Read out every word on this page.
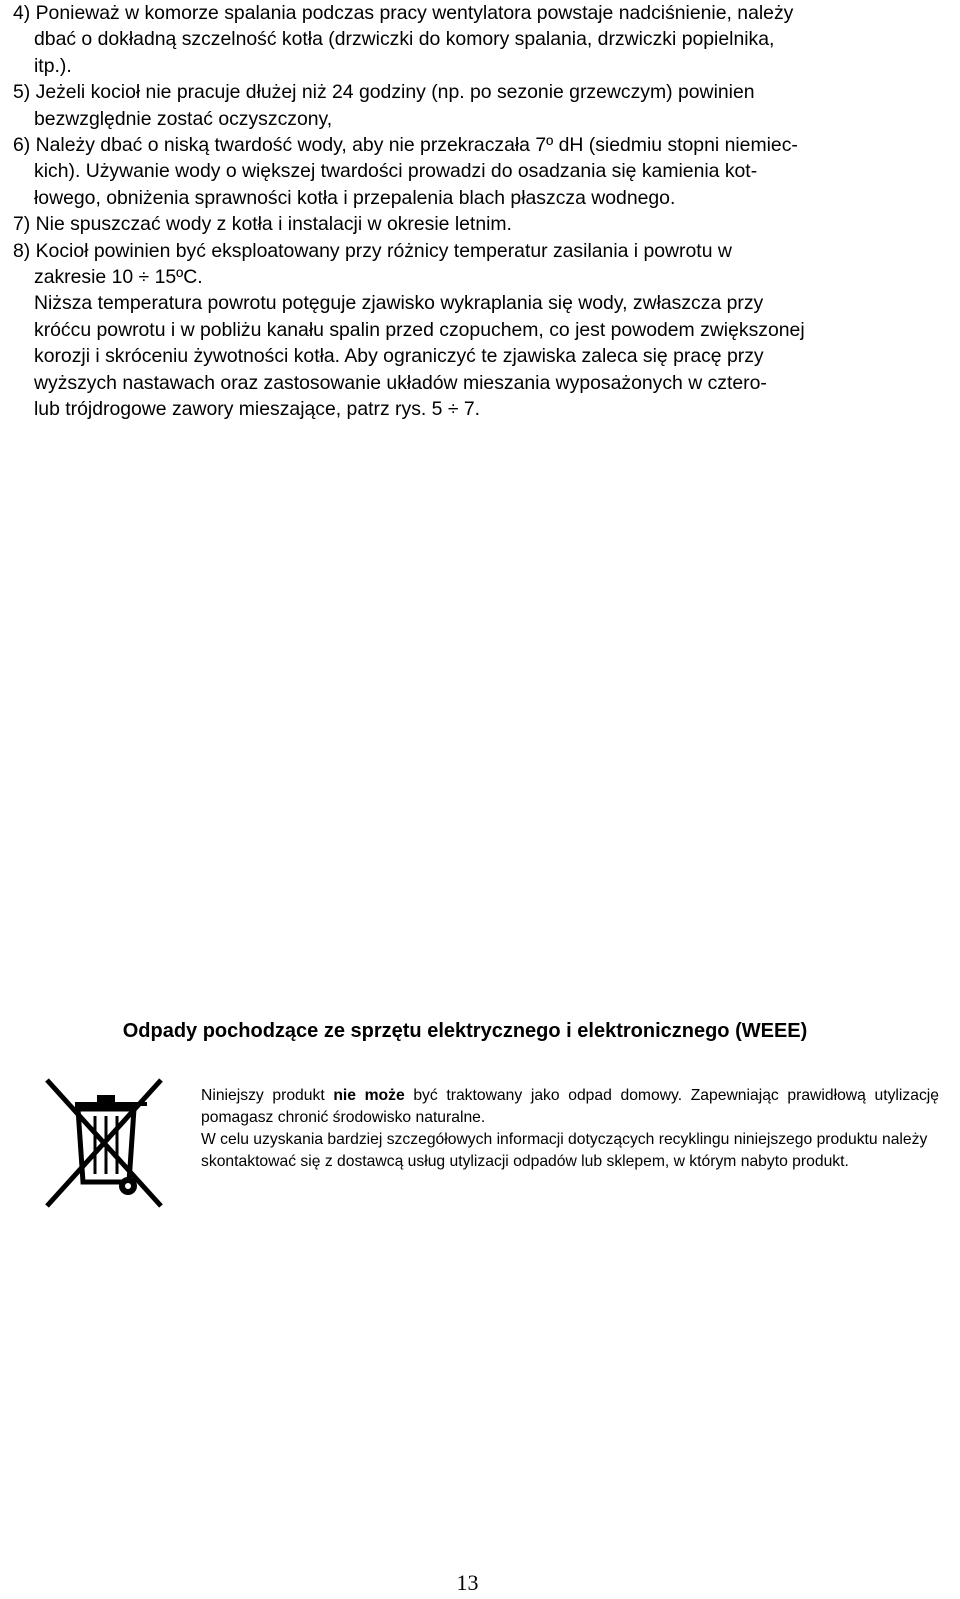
4) Ponieważ w komorze spalania podczas pracy wentylatora powstaje nadciśnienie, należy
dbać o dokładną szczelność kotła (drzwiczki do komory spalania, drzwiczki popielnika,
itp.).
5) Jeżeli kocioł nie pracuje dłużej niż 24 godziny (np. po sezonie grzewczym) powinien
bezwzględnie zostać oczyszczony,
6) Należy dbać o niską twardość wody, aby nie przekraczała 7º dH (siedmiu stopni niemiec-
kich). Używanie wody o większej twardości prowadzi do osadzania się kamienia kot-
łowego, obniżenia sprawności kotła i przepalenia blach płaszcza wodnego.
7) Nie spuszczać wody z kotła i instalacji w okresie letnim.
8) Kocioł powinien być eksploatowany przy różnicy temperatur zasilania i powrotu w
zakresie 10 ÷ 15ºC.
Niższa temperatura powrotu potęguje zjawisko wykraplania się wody, zwłaszcza przy
króćcu powrotu i w pobliżu kanału spalin przed czopuchem, co jest powodem zwiększonej
korozji i skróceniu żywotności kotła. Aby ograniczyć te zjawiska zaleca się pracę przy
wyższych nastawach oraz zastosowanie układów mieszania wyposażonych w cztero-
lub trójdrogowe zawory mieszające, patrz rys. 5 ÷ 7.
Odpady pochodzące ze sprzętu elektrycznego i elektronicznego (WEEE)

Niniejszy produkt nie może być traktowany jako odpad domowy. Zapewniając prawidłową utylizację pomagasz chronić środowisko naturalne.

W celu uzyskania bardziej szczegółowych informacji dotyczących recyklingu niniejszego produktu należy skontaktować się z dostawcą usług utylizacji odpadów lub sklepem, w którym nabyto produkt.

13
